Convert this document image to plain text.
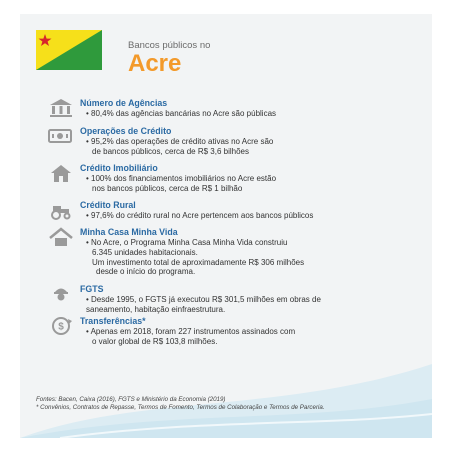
Bancos públicos no
Acre
Número de Agências
• 80,4% das agências bancárias no Acre são públicas
Operações de Crédito
• 95,2% das operações de crédito ativas no Acre são
de bancos públicos, cerca de R$ 3,6 bilhões
Crédito Imobiliário
• 100% dos financiamentos imobiliários no Acre estão
nos bancos públicos, cerca de R$ 1 bilhão
Crédito Rural
• 97,6% do crédito rural no Acre pertencem aos bancos públicos
Minha Casa Minha Vida
• No Acre, o Programa Minha Casa Minha Vida construiu
6.345 unidades habitacionais.
Um investimento total de aproximadamente R$ 306 milhões
desde o início do programa.
FGTS
• Desde 1995, o FGTS já executou R$ 301,5 milhões em obras de
saneamento, habitação einfraestrutura.
$
Transferências*
• Apenas em 2018, foram 227 instrumentos assinados com
o valor global de R$ 103,8 milhões.
Fontes: Bacen, Caixa (2016), FGTS e Ministério da Economia (2019)
* Convênios, Contratos de Repasse, Termos de Fomento, Termos de Colaboração e Termos de Parceria.
